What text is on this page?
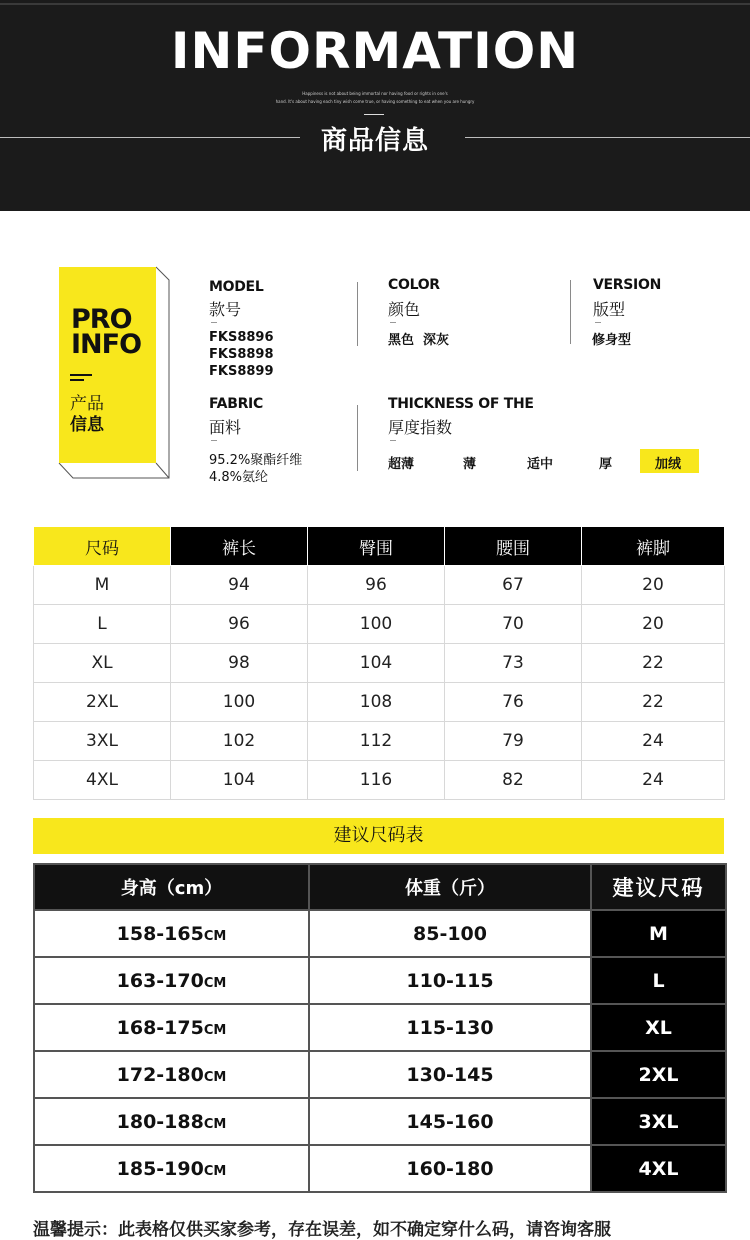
INFORMATION
Happiness is not about being immortal nor having food or rights in one's
hand. It's about having each tiny wish come true, or having something to eat when you are hungry
商品信息
PRO INFO
产品
信息
MODEL
款号
FKS8896
FKS8898
FKS8899
COLOR
颜色
黑色  深灰
VERSION
版型
修身型
FABRIC
面料
95.2%聚酯纤维
4.8%氨纶
THICKNESS OF THE
厚度指数
超薄	薄	适中	厚	加绒
尺码	裤长	臀围	腰围	裤脚
M	94	96	67	20
L	96	100	70	20
XL	98	104	73	22
2XL	100	108	76	22
3XL	102	112	79	24
4XL	104	116	82	24
建议尺码表
身高（cm）	体重（斤）	建议尺码
158-165CM	85-100	M
163-170CM	110-115	L
168-175CM	115-130	XL
172-180CM	130-145	2XL
180-188CM	145-160	3XL
185-190CM	160-180	4XL
温馨提示：此表格仅供买家参考，存在误差，如不确定穿什么码，请咨询客服
